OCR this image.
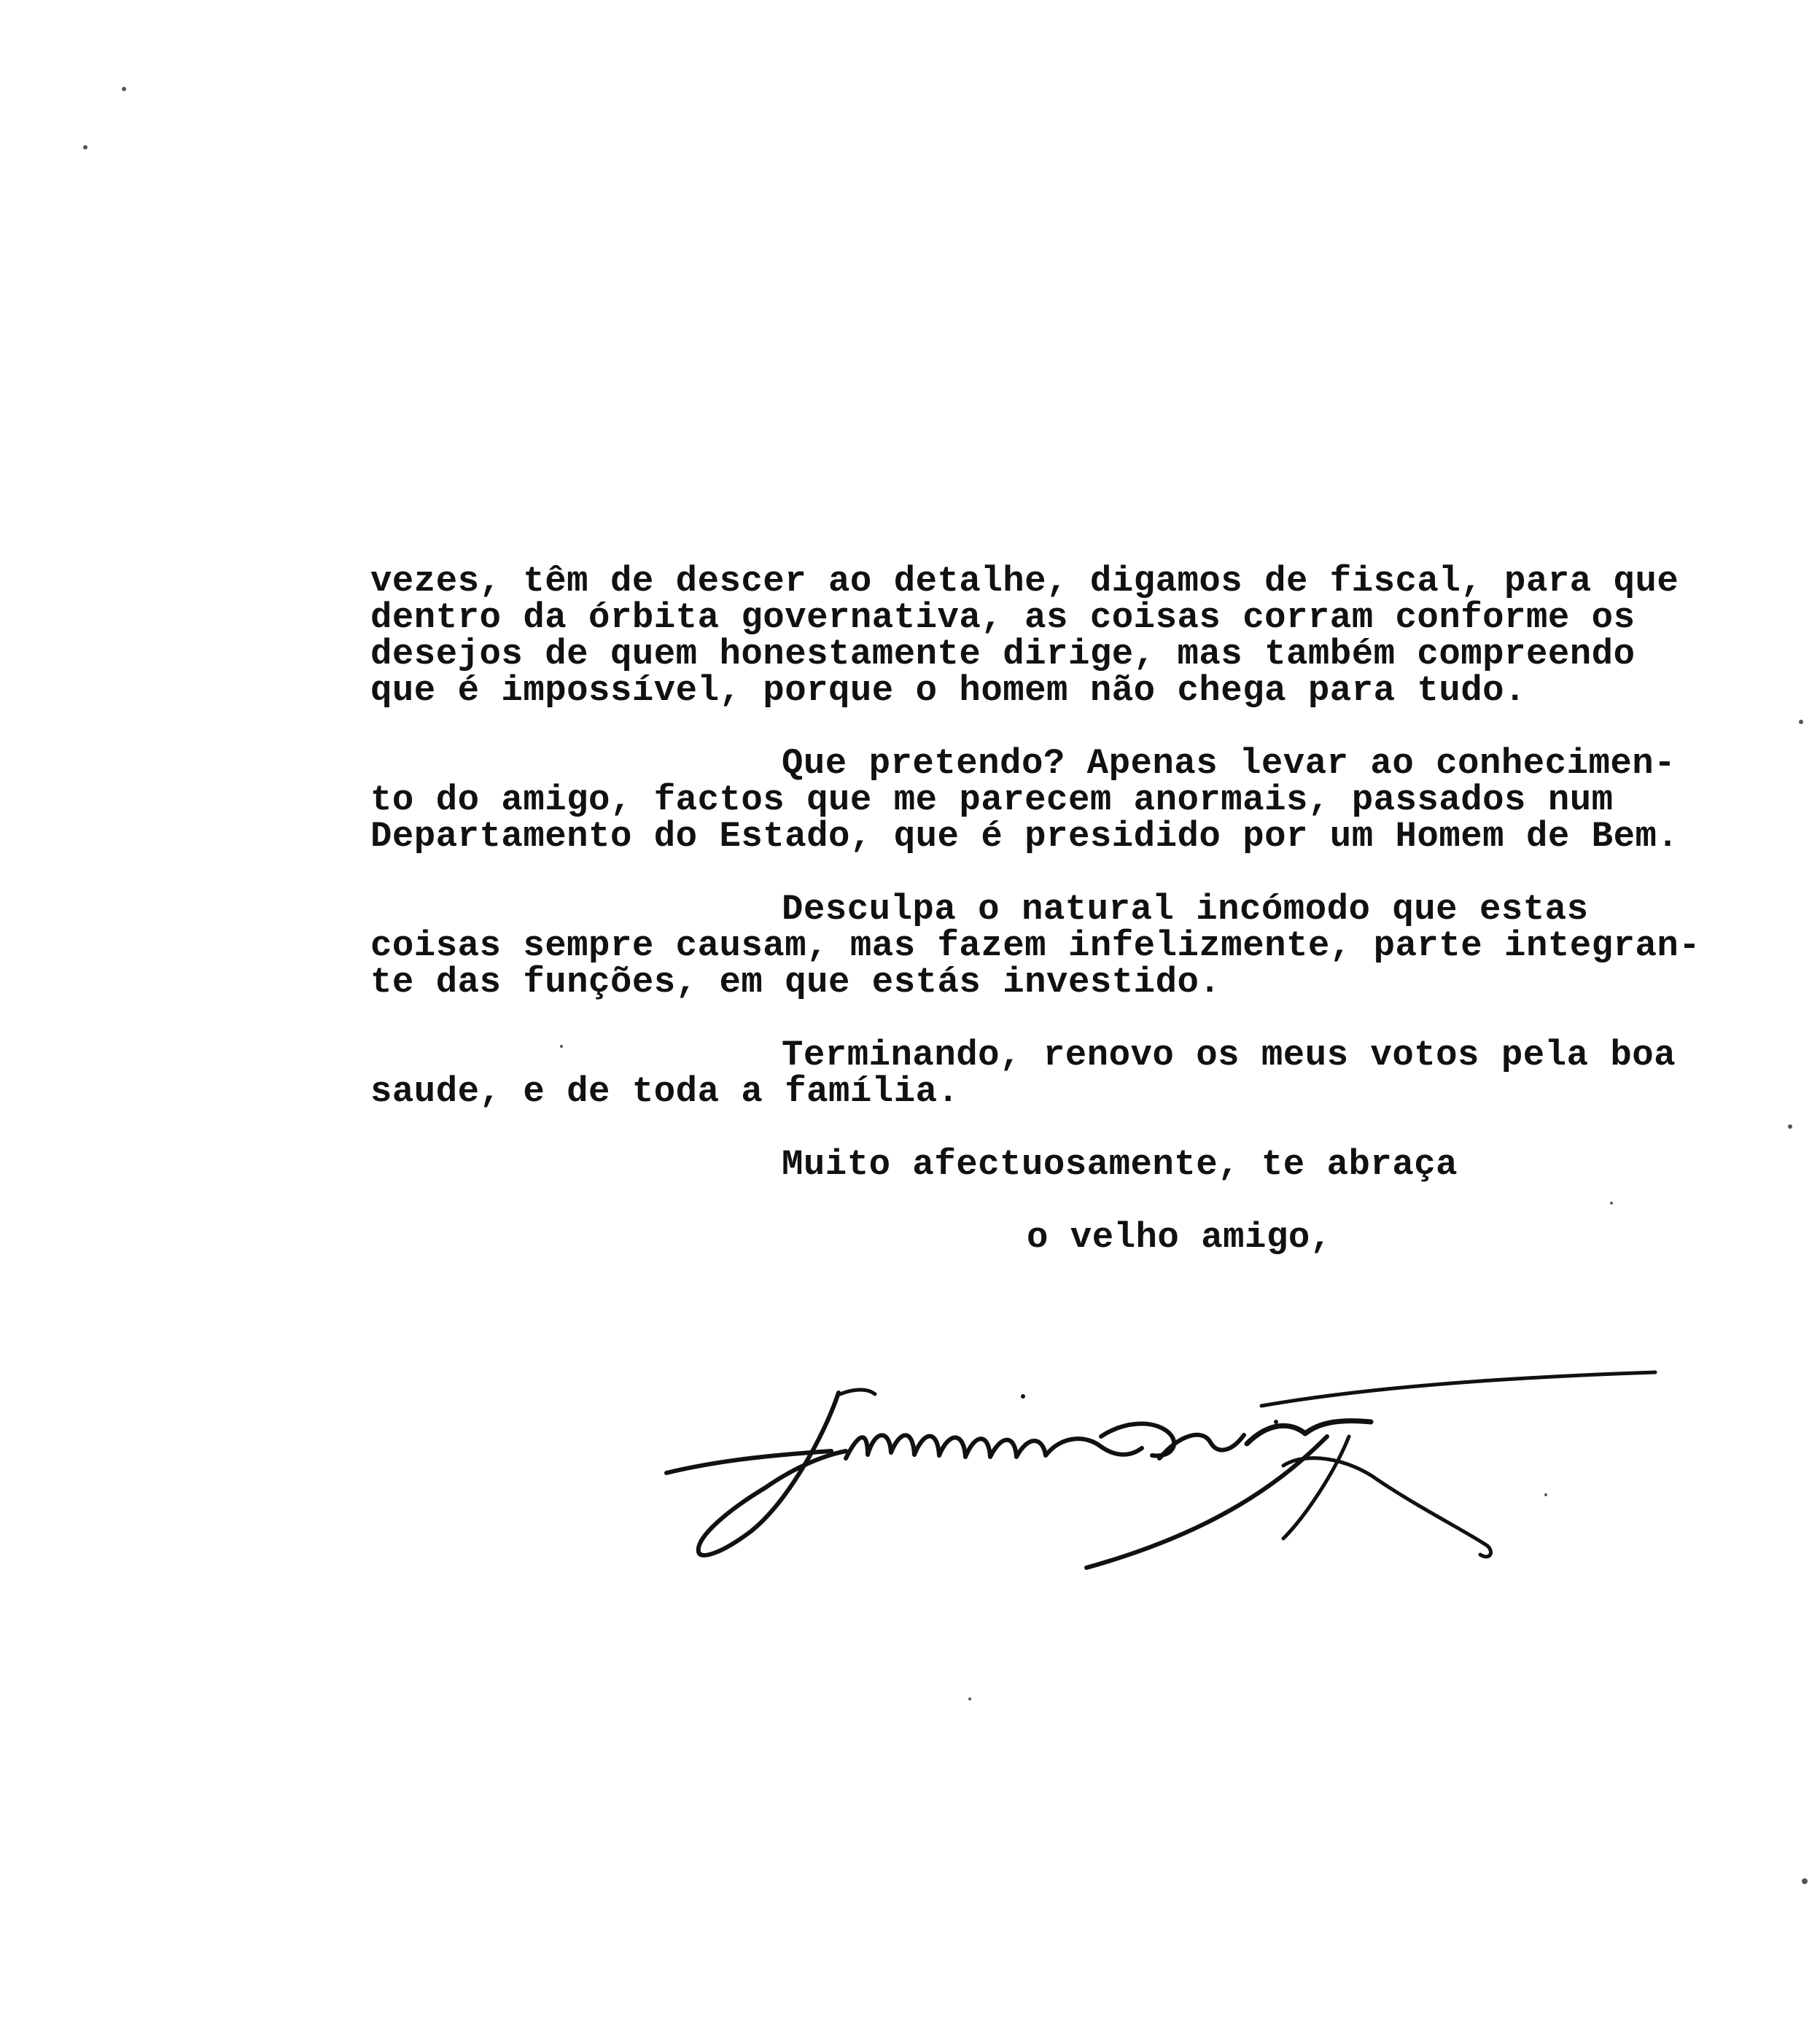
vezes, têm de descer ao detalhe, digamos de fiscal, para que
dentro da órbita governativa, as coisas corram conforme os
desejos de quem honestamente dirige, mas também compreendo
que é impossível, porque o homem não chega para tudo.

Que pretendo? Apenas levar ao conhecimen-
to do amigo, factos que me parecem anormais, passados num
Departamento do Estado, que é presidido por um Homem de Bem.

Desculpa o natural incómodo que estas
coisas sempre causam, mas fazem infelizmente, parte integran-
te das funções, em que estás investido.

Terminando, renovo os meus votos pela boa
saude, e de toda a família.

Muito afectuosamente, te abraça

o velho amigo,
